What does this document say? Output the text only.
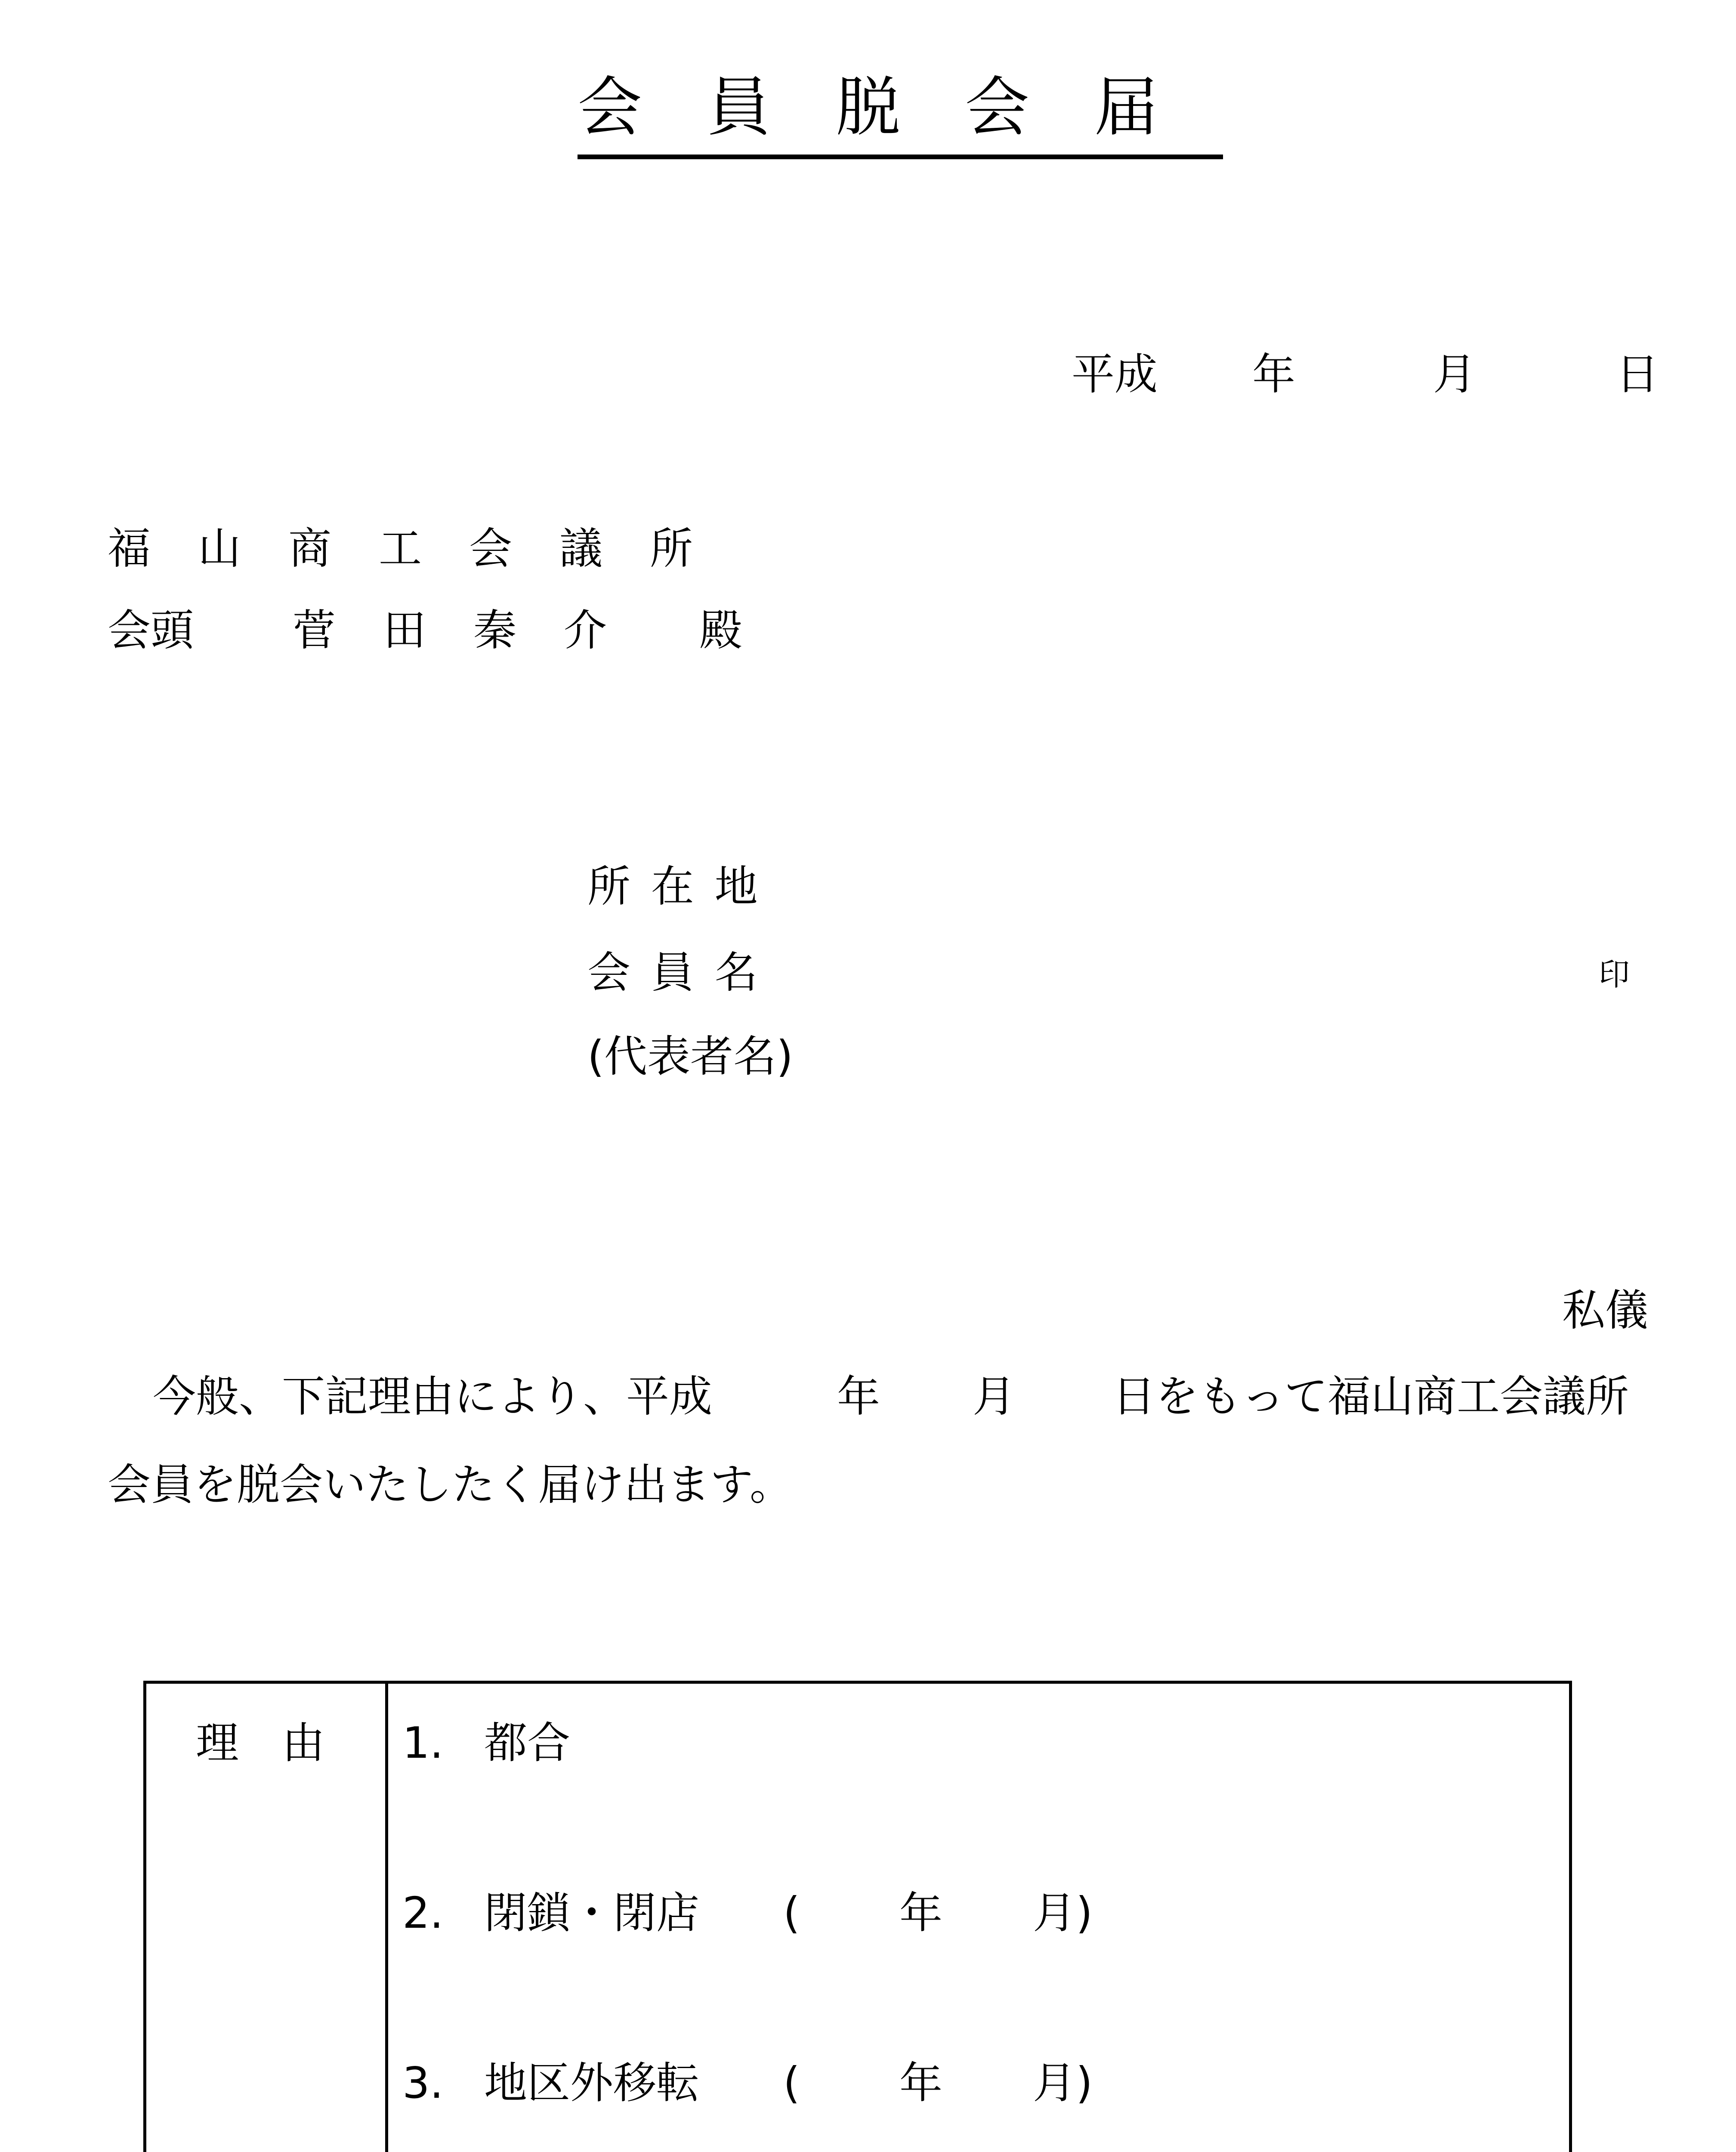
会員脱会届
平成 年	月	日
福 山 商 工 会 議 所
会頭 菅 田 秦 介	殿
所 在 地
会 員 名	印
(代表者名)
私儀
今般、下記理由により、平成	年 月 日をもって福山商工会議所
会員を脱会いたしたく届け出ます。
理　由 1. 都合
2. 閉鎖・閉店 ( 年 月)
3. 地区外移転 ( 年 月)
